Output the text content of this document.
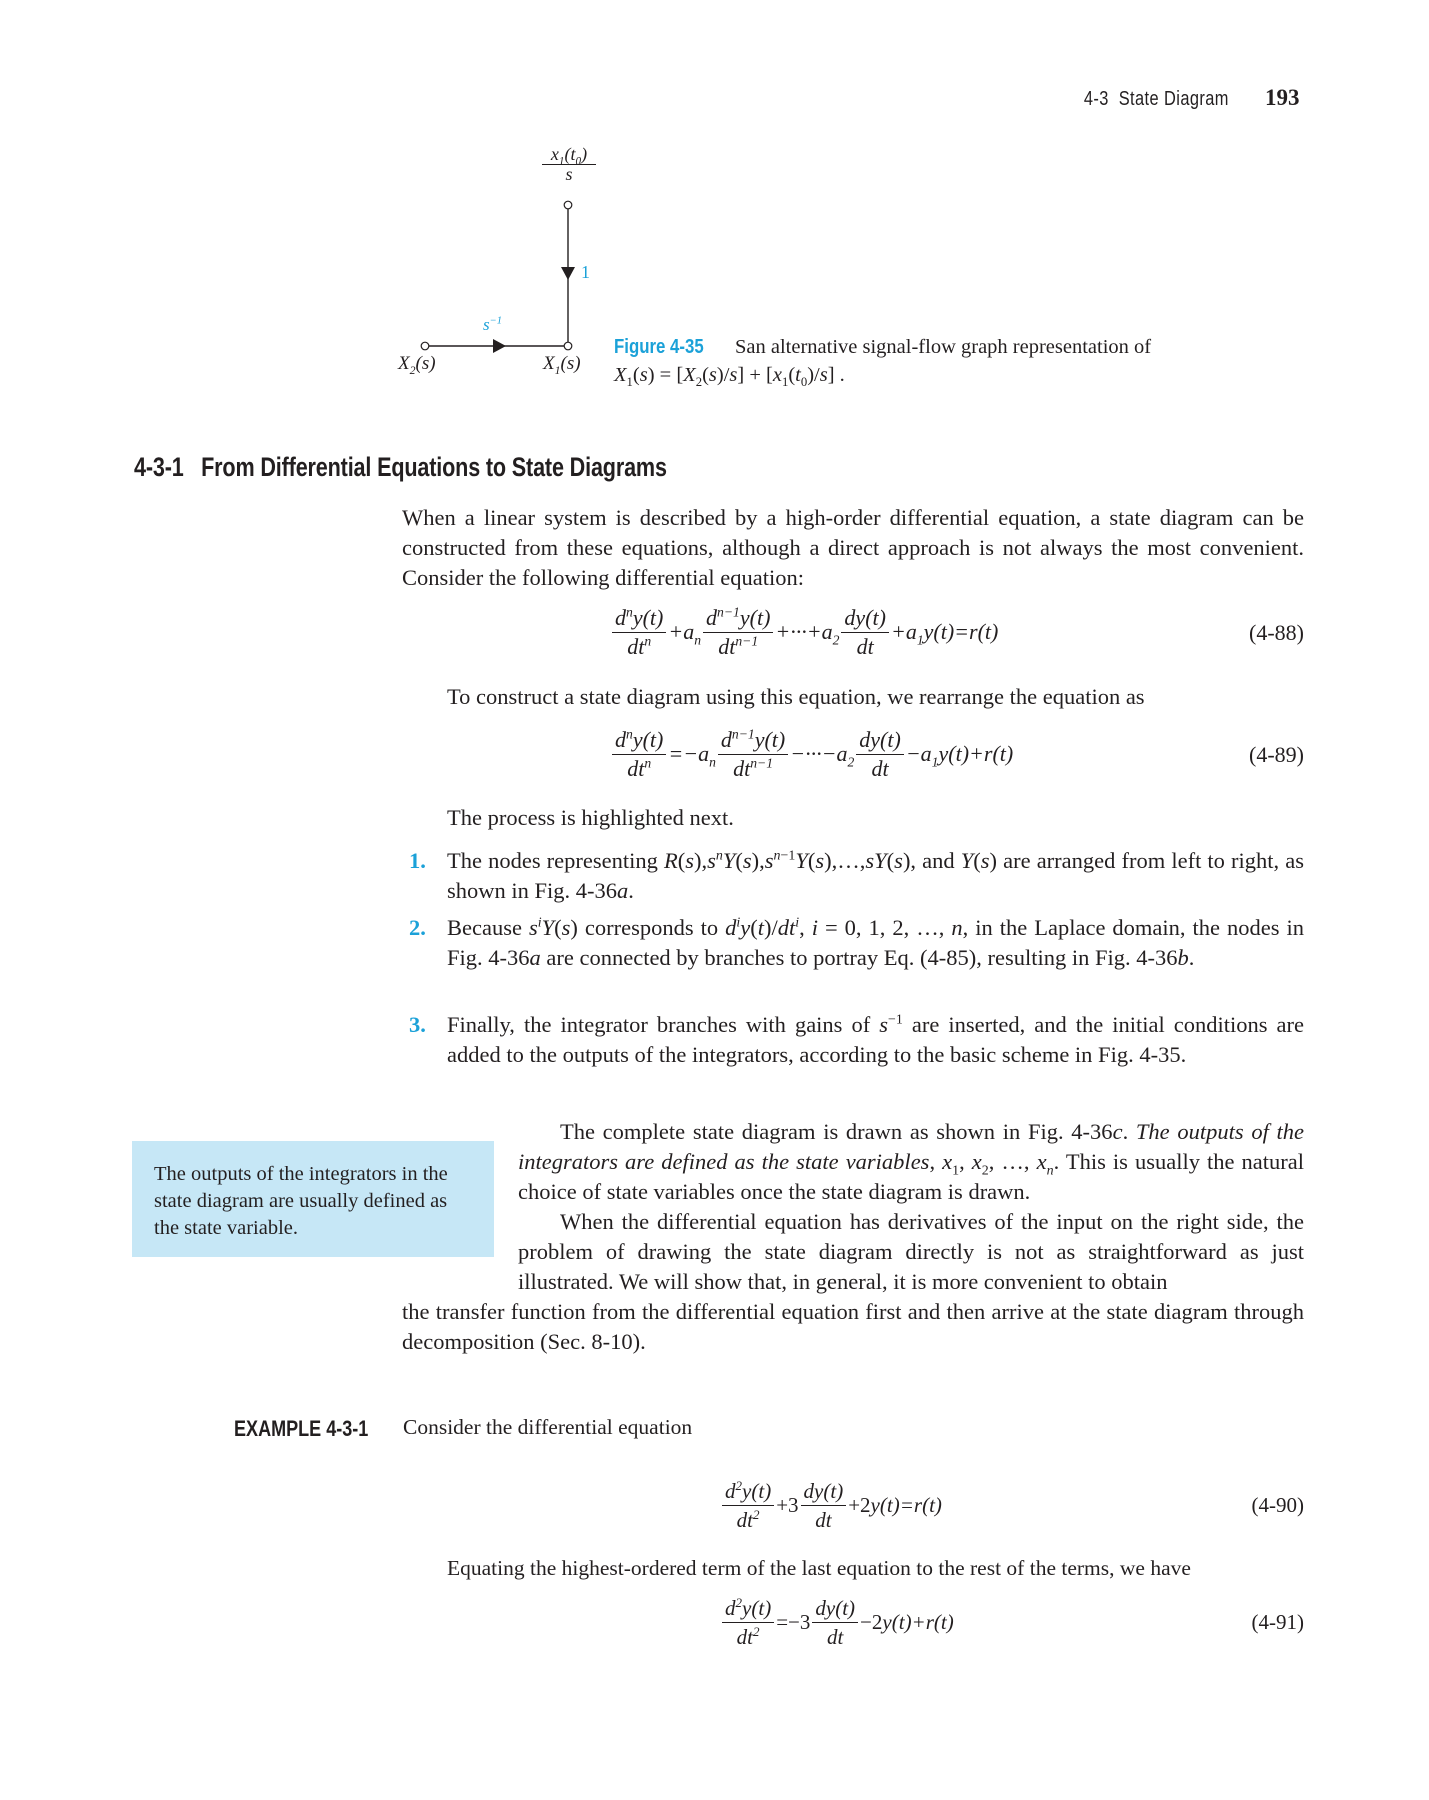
4-3  State Diagram 193
$x_1(t_0)$
s
1
$s^{-1}$
$X_2(s)$	$X_1(s)$
Figure 4-35 San alternative signal-flow graph representation of
$X_1(s) = [X_2(s)/s] + [x_1(t_0)/s]$ .
4-3-1   From Differential Equations to State Diagrams

When a linear system is described by a high-order differential equation, a state diagram can be constructed from these equations, although a direct approach is not always the most convenient. Consider the following differential equation:

$\frac{d^ny(t)}{dt^n} +a_n \frac{d^{n-1}y(t)}{dt^{n-1}} +\cdot\cdot\cdot+a_2 \frac{dy(t)}{dt} +a_1y(t)=r(t)$	(4-88)

To construct a state diagram using this equation, we rearrange the equation as

$\frac{d^ny(t)}{dt^n} =-a_n \frac{d^{n-1}y(t)}{dt^{n-1}} -\cdot\cdot\cdot-a_2 \frac{dy(t)}{dt} -a_1y(t)+r(t)$	(4-89)

The process is highlighted next.

1. The nodes representing $R(s),s^nY(s),s^{n-1}Y(s),\dots,sY(s)$, and Y(s) are arranged from left to right, as shown in Fig. 4-36a.

2. Because $s^iY(s)$ corresponds to $d^iy(t)/dt^i$, i = 0, 1, 2, …, n, in the Laplace domain, the nodes in Fig. 4-36a are connected by branches to portray Eq. (4-85), resulting in Fig. 4-36b.

3. Finally, the integrator branches with gains of $s^{-1}$ are inserted, and the initial conditions are added to the outputs of the integrators, according to the basic scheme in Fig. 4-35.

The outputs of the integrators in the state diagram are usually defined as the state variable.

The complete state diagram is drawn as shown in Fig. 4-36c. The outputs of the integrators are defined as the state variables, $x_1$, $x_2$, …, $x_n$. This is usually the natural choice of state variables once the state diagram is drawn.

When the differential equation has derivatives of the input on the right side, the problem of drawing the state diagram directly is not as straightforward as just illustrated. We will show that, in general, it is more convenient to obtain
the transfer function from the differential equation first and then arrive at the state diagram through decomposition (Sec. 8-10).
EXAMPLE 4-3-1 Consider the differential equation
$\frac{d^2y(t)}{dt^2} +3 \frac{dy(t)}{dt} +2y(t)=r(t)$	(4-90)

Equating the highest-ordered term of the last equation to the rest of the terms, we have

$\frac{d^2y(t)}{dt^2} =-3 \frac{dy(t)}{dt} -2y(t)+r(t)$	(4-91)
